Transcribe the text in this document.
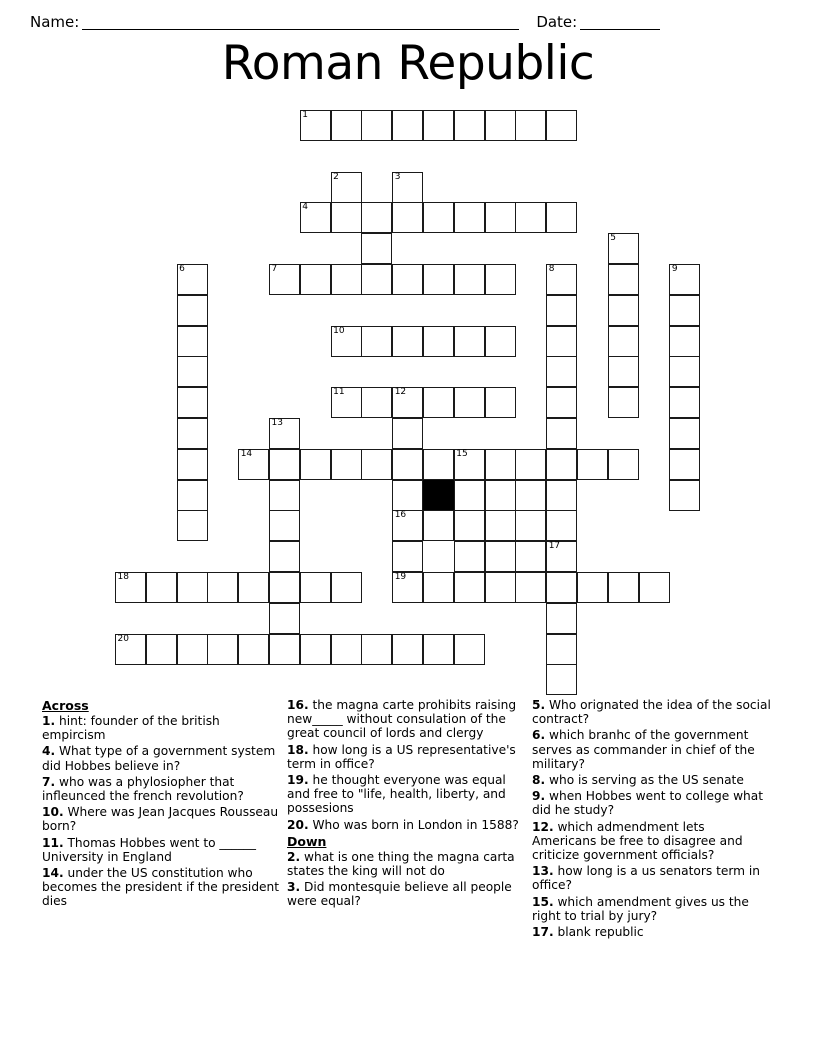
Name:	Date:
Roman Republic
1
2	3
4
5
6	7	8	9
10
11	12
13
14	15
16
17
18	19
20
Across
1. hint: founder of the british empircism
4. What type of a government system did Hobbes believe in?
7. who was a phylosiopher that infleunced the french revolution?
10. Where was Jean Jacques Rousseau born?
11. Thomas Hobbes went to ______ University in England
14. under the US constitution who becomes the president if the president dies
16. the magna carte prohibits raising new_____ without consulation of the great council of lords and clergy
18. how long is a US representative's term in office?
19. he thought everyone was equal and free to "life, health, liberty, and possesions
20. Who was born in London in 1588?
Down
2. what is one thing the magna carta states the king will not do
3. Did montesquie believe all people were equal?
5. Who orignated the idea of the social contract?
6. which branhc of the government serves as commander in chief of the military?
8. who is serving as the US senate
9. when Hobbes went to college what did he study?
12. which admendment lets Americans be free to disagree and criticize government officials?
13. how long is a us senators term in office?
15. which amendment gives us the right to trial by jury?
17. blank republic
